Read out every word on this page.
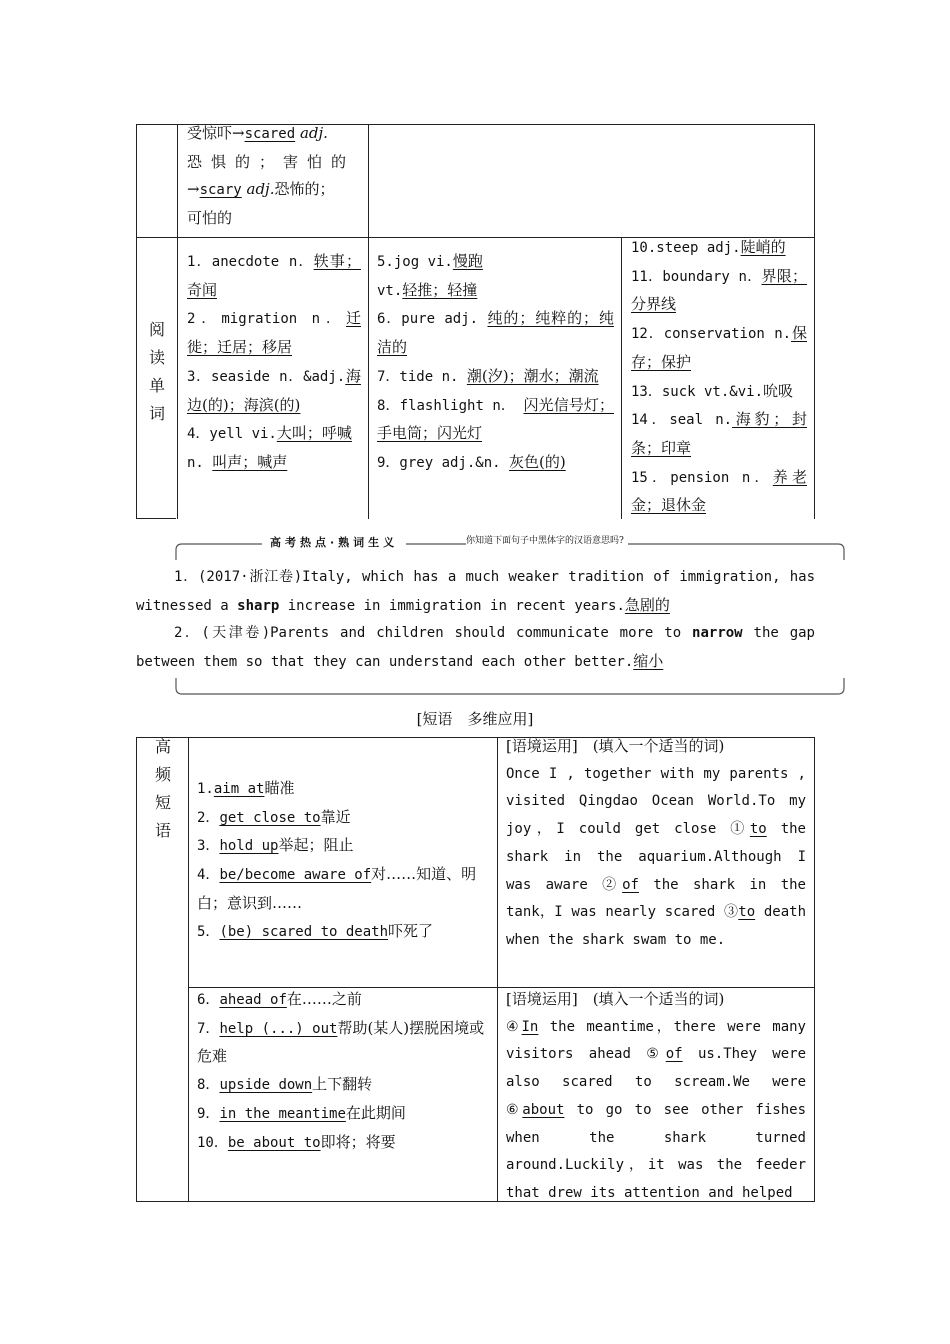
受惊吓→scared adj.
恐惧的；害怕的
→scary adj.恐怖的；
可怕的
阅
读
单
词
1．anecdote n．轶事；奇闻
2．migration n．迁徙；迁居；移居
3．seaside n．&adj.海边(的)；海滨(的)
4．yell vi.大叫；呼喊
n. 叫声；喊声
5.jog vi.慢跑
vt.轻推；轻撞
6．pure adj. 纯的；纯粹的；纯洁的
7．tide n. 潮(汐)；潮水；潮流
8．flashlight n． 闪光信号灯；手电筒；闪光灯
9．grey adj.&n. 灰色(的)
10.steep adj.陡峭的
11．boundary n．界限；分界线
12．conservation n.保存；保护
13．suck vt.&vi.吮吸
14．seal n.海豹；封条；印章
15．pension n．养老金；退休金
高考热点·熟词生义	你知道下面句子中黑体字的汉语意思吗?
1．(2017·浙江卷)Italy, which has a much weaker tradition of immigration, has witnessed a sharp increase in immigration in recent years.急剧的
2．(天津卷)Parents and children should communicate more to narrow the gap between them so that they can understand each other better.缩小
[短语　多维应用]
高
频
短
语
1.aim at瞄准
2．get close to靠近
3．hold up举起；阻止
4．be/become aware of对……知道、明白；意识到……
5．(be) scared to death吓死了
6．ahead of在……之前
7．help (...) out帮助(某人)摆脱困境或危难
8．upside down上下翻转
9．in the meantime在此期间
10．be about to即将；将要
[语境运用]　(填入一个适当的词)
Once I , together with my parents , visited Qingdao Ocean World.To my joy，I could get close ①to the shark in the aquarium.Although I was aware ②of the shark in the tank，I was nearly scared ③to death when the shark swam to me.
[语境运用]　(填入一个适当的词)
④In the meantime，there were many visitors ahead ⑤of us.They were also scared to scream.We were ⑥about to go to see other fishes when the shark turned around.Luckily，it was the feeder that drew its attention and helped
